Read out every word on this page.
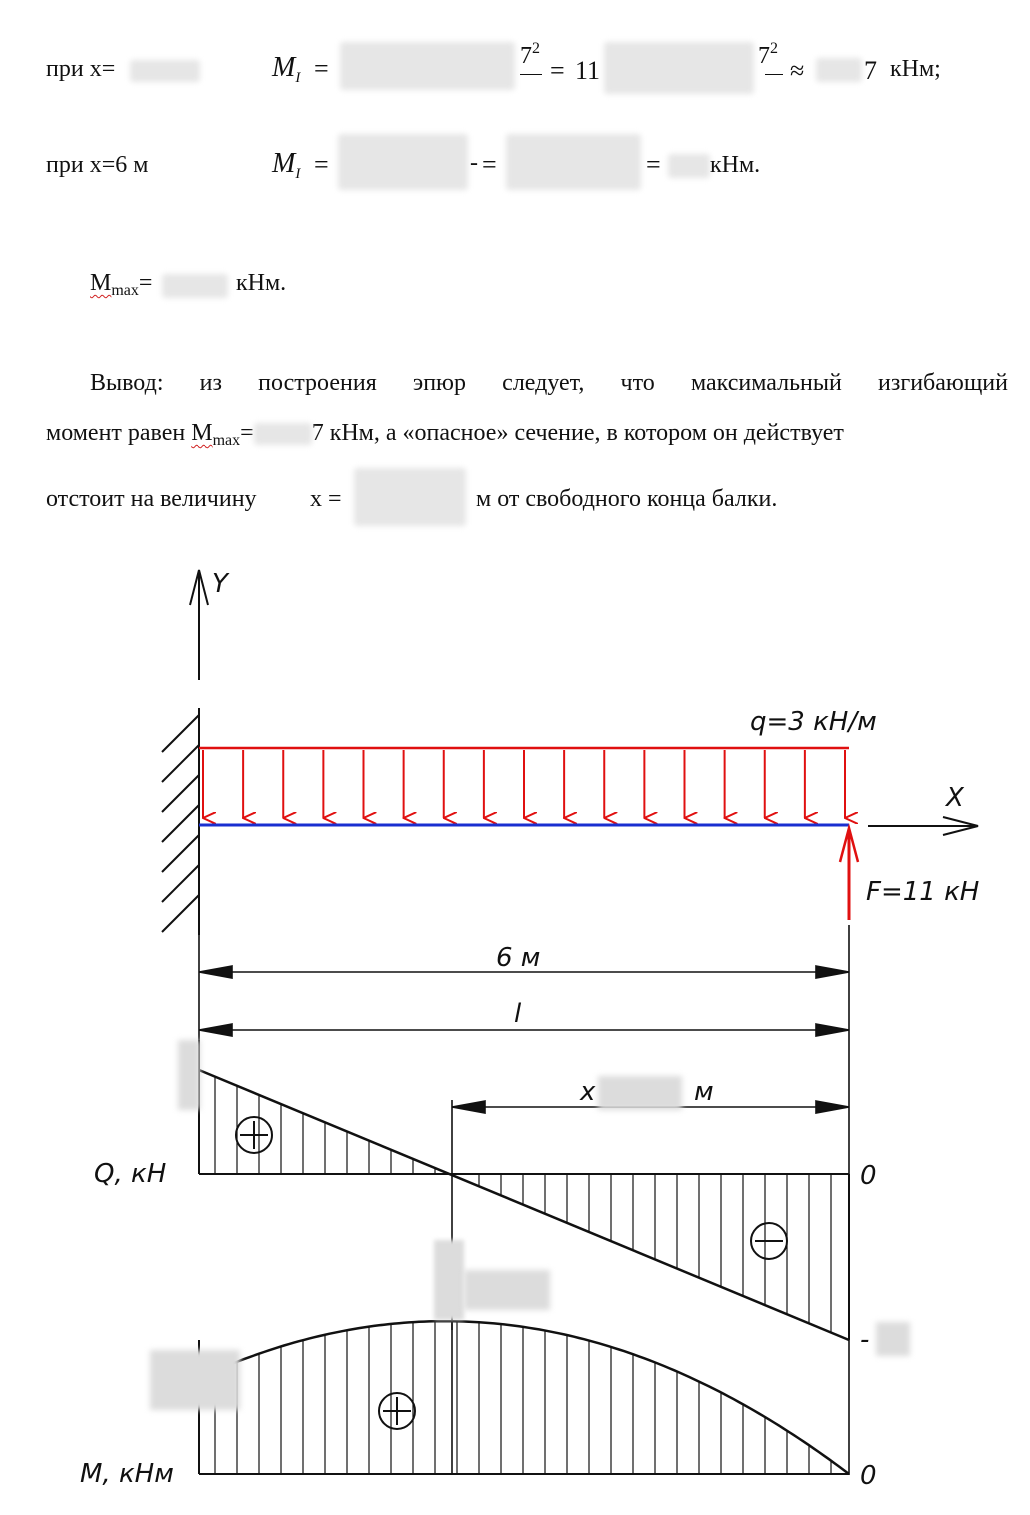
при x=	$M_I$ =	$7^2$
= 11	$7^2$
≈ 7 кНм;
при x=6 м	$M_I$ =	- =	= кНм.
$M_{max}=$	кНм.
Вывод: из построения эпюр следует, что максимальный изгибающий
момент равен $M_{max}= 7$ кНм, а «опасное» сечение, в котором он действует
отстоит на величину x =	м от свободного конца балки.
Y
q=3 кН/м
X
F=11 кН
6 м
l
x	м
Q, кН	0
-
M, кНм	0
